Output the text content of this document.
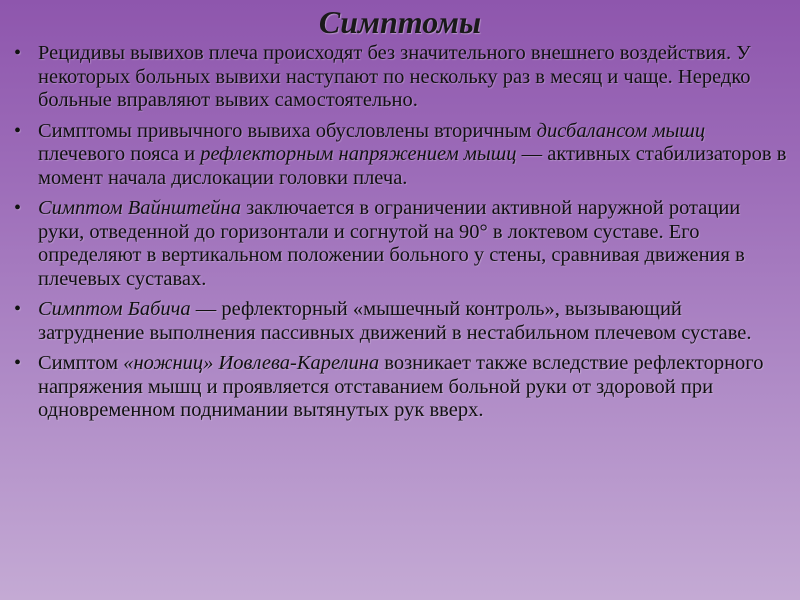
Симптомы
• Рецидивы вывихов плеча происходят без значительного внешнего воздействия. У некоторых больных вывихи наступают по нескольку раз в месяц и чаще. Нередко больные вправляют вывих самостоятельно.
• Симптомы привычного вывиха обусловлены вторичным дисбалансом мышц плечевого пояса и рефлекторным напряжением мышц — активных стабилизаторов в момент начала дислокации головки плеча.
• Симптом Вайнштейна заключается в ограничении активной наружной ротации руки, отведенной до горизонтали и согнутой на 90° в локтевом суставе. Его определяют в вертикальном положении больного у стены, сравнивая движения в плечевых суставах.
• Симптом Бабича — рефлекторный «мышечный контроль», вызывающий затруднение выполнения пассивных движений в нестабильном плечевом суставе.
• Симптом «ножниц» Иовлева-Карелина возникает также вследствие рефлекторного напряжения мышц и проявляется отставанием больной руки от здоровой при одновременном поднимании вытянутых рук вверх.
